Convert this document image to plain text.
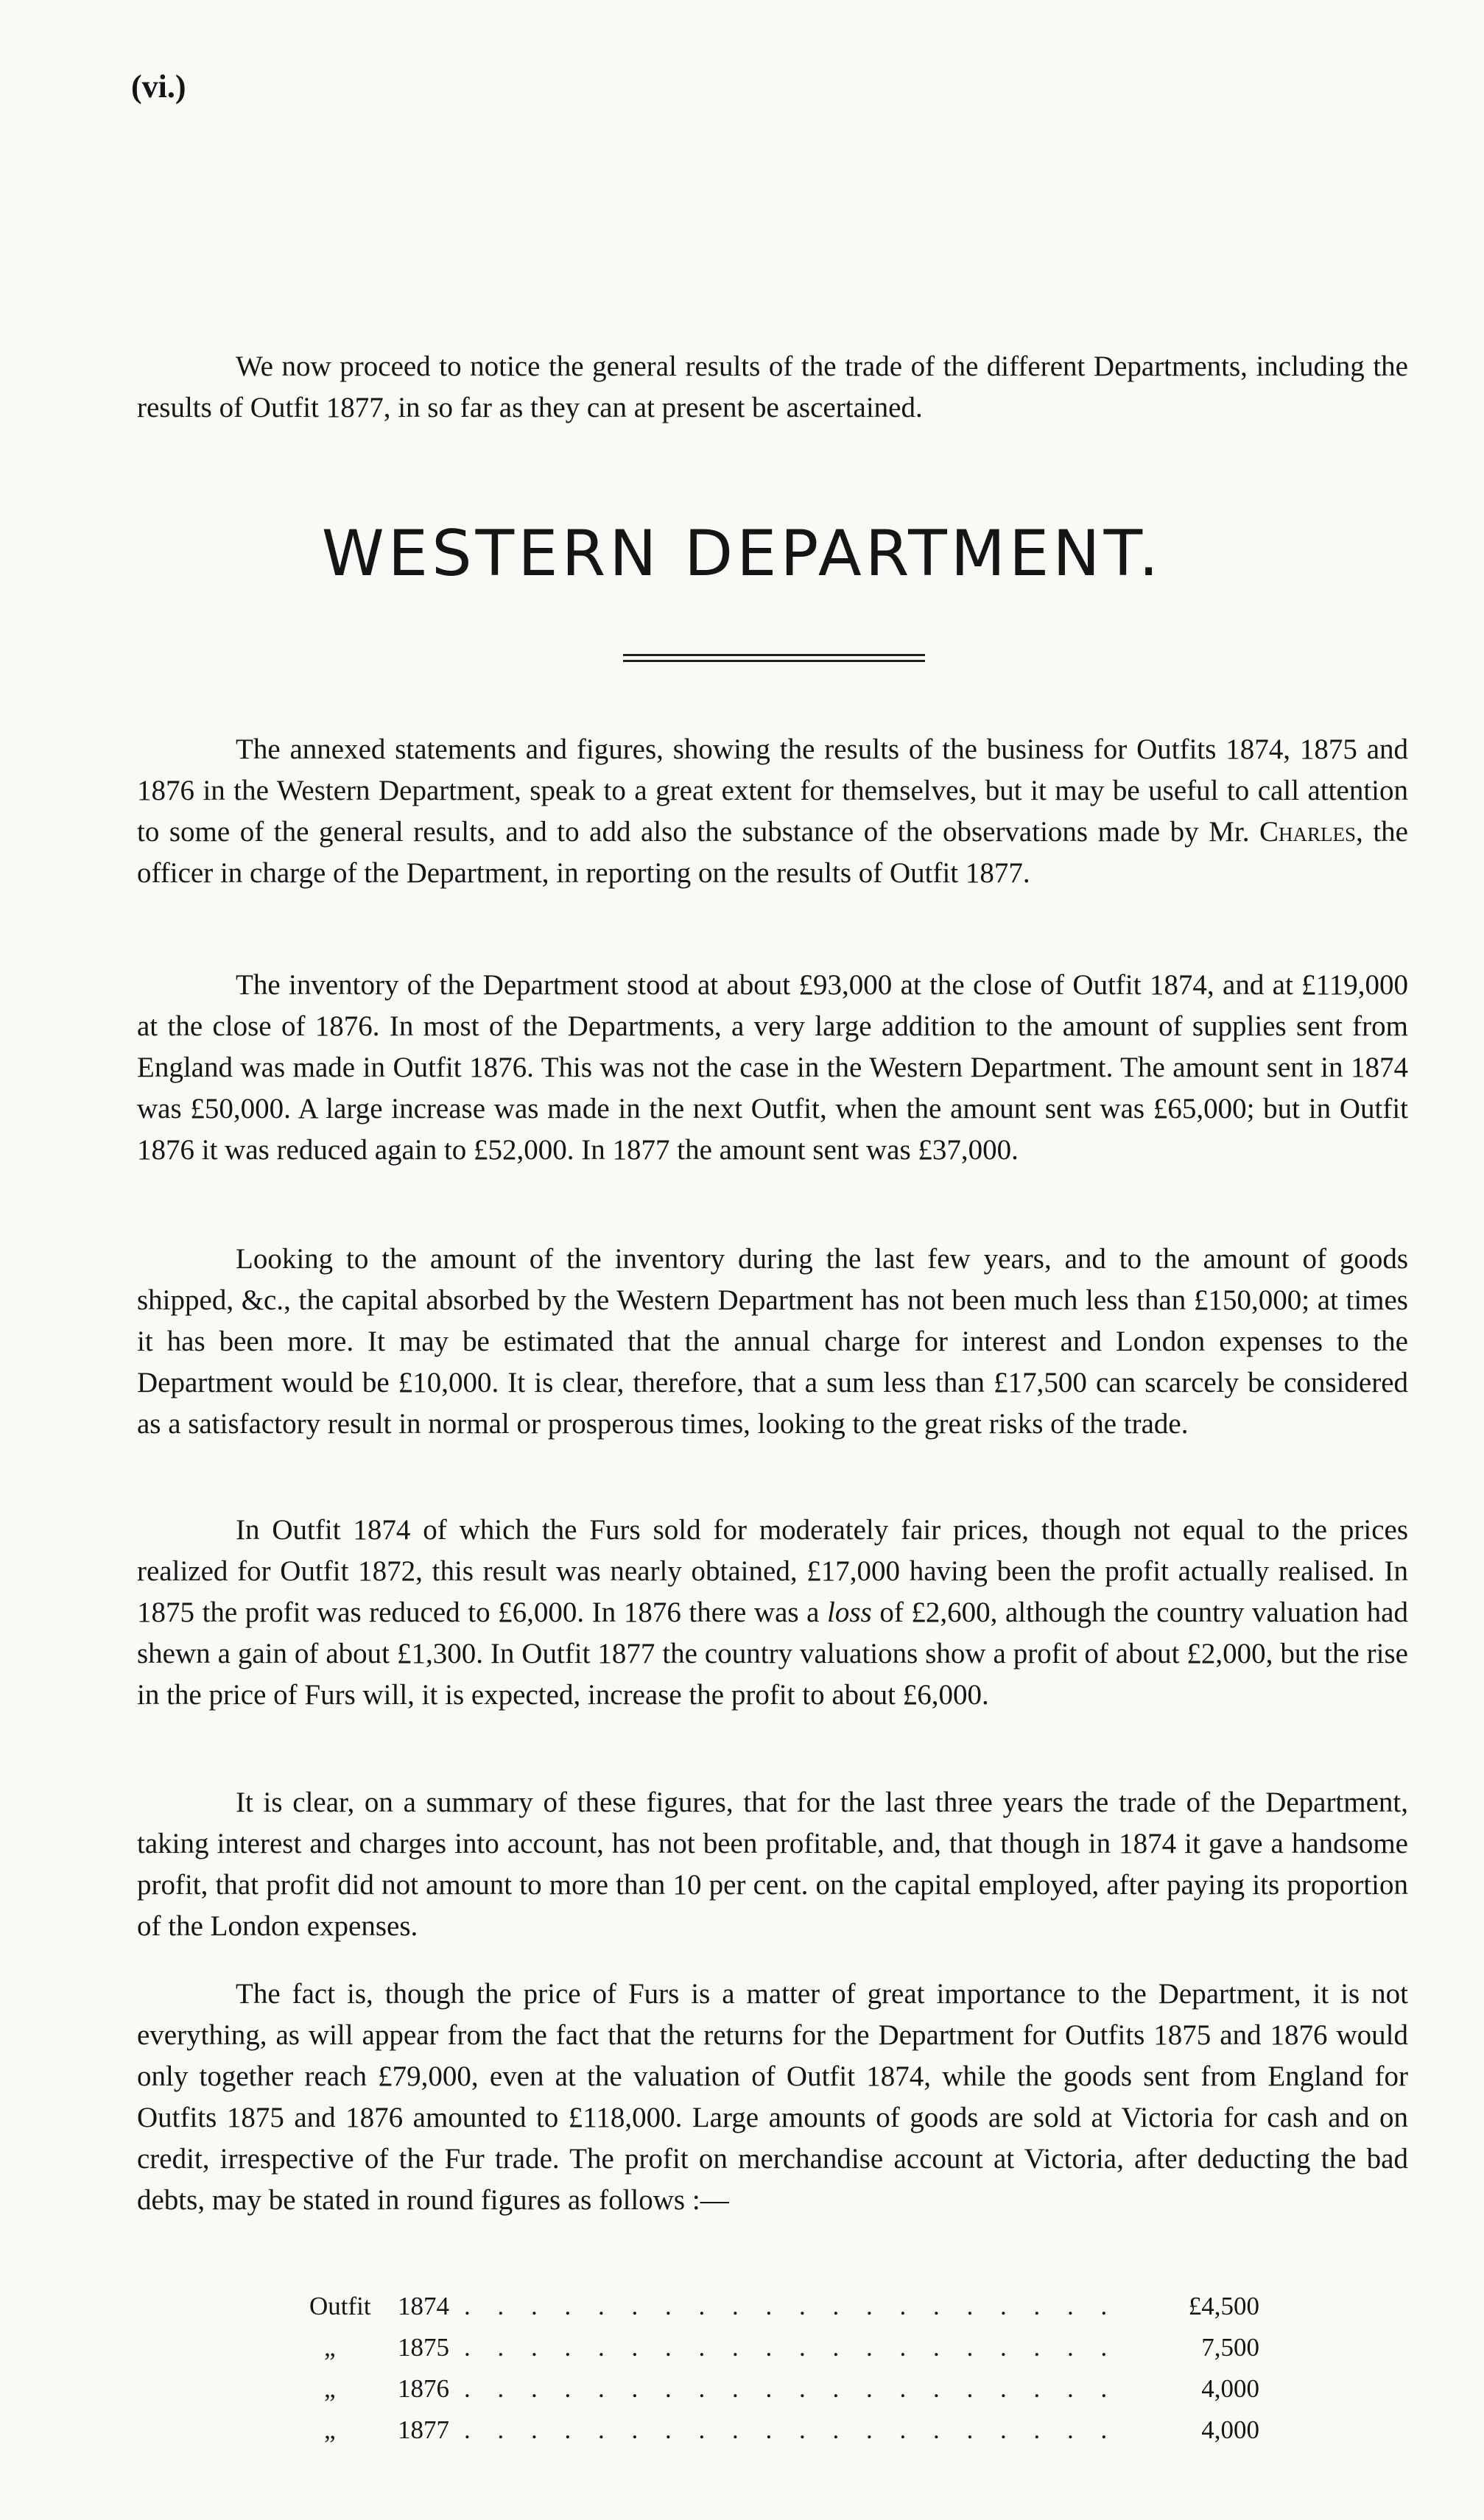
(vi.)

We now proceed to notice the general results of the trade of the different Departments, including the results of Outfit 1877, in so far as they can at present be ascertained.

WESTERN DEPARTMENT.

The annexed statements and figures, showing the results of the business for Outfits 1874, 1875 and 1876 in the Western Department, speak to a great extent for themselves, but it may be useful to call attention to some of the general results, and to add also the substance of the observations made by Mr. Charles, the officer in charge of the Department, in reporting on the results of Outfit 1877.

The inventory of the Department stood at about £93,000 at the close of Outfit 1874, and at £119,000 at the close of 1876. In most of the Departments, a very large addition to the amount of supplies sent from England was made in Outfit 1876. This was not the case in the Western Department. The amount sent in 1874 was £50,000. A large increase was made in the next Outfit, when the amount sent was £65,000; but in Outfit 1876 it was reduced again to £52,000. In 1877 the amount sent was £37,000.

Looking to the amount of the inventory during the last few years, and to the amount of goods shipped, &c., the capital absorbed by the Western Department has not been much less than £150,000; at times it has been more. It may be estimated that the annual charge for interest and London expenses to the Department would be £10,000. It is clear, therefore, that a sum less than £17,500 can scarcely be considered as a satisfactory result in normal or prosperous times, looking to the great risks of the trade.

In Outfit 1874 of which the Furs sold for moderately fair prices, though not equal to the prices realized for Outfit 1872, this result was nearly obtained, £17,000 having been the profit actually realised. In 1875 the profit was reduced to £6,000. In 1876 there was a loss of £2,600, although the country valuation had shewn a gain of about £1,300. In Outfit 1877 the country valuations show a profit of about £2,000, but the rise in the price of Furs will, it is expected, increase the profit to about £6,000.

It is clear, on a summary of these figures, that for the last three years the trade of the Department, taking interest and charges into account, has not been profitable, and, that though in 1874 it gave a handsome profit, that profit did not amount to more than 10 per cent. on the capital employed, after paying its proportion of the London expenses.

The fact is, though the price of Furs is a matter of great importance to the Department, it is not everything, as will appear from the fact that the returns for the Department for Outfits 1875 and 1876 would only together reach £79,000, even at the valuation of Outfit 1874, while the goods sent from England for Outfits 1875 and 1876 amounted to £118,000. Large amounts of goods are sold at Victoria for cash and on credit, irrespective of the Fur trade. The profit on merchandise account at Victoria, after deducting the bad debts, may be stated in round figures as follows :—

Outfit	1874 . . . . . . . . . . . . . . . . . . . .	£4,500
„	1875 . . . . . . . . . . . . . . . . . . . .	7,500
„	1876 . . . . . . . . . . . . . . . . . . . .	4,000
„	1877 . . . . . . . . . . . . . . . . . . . .	4,000
